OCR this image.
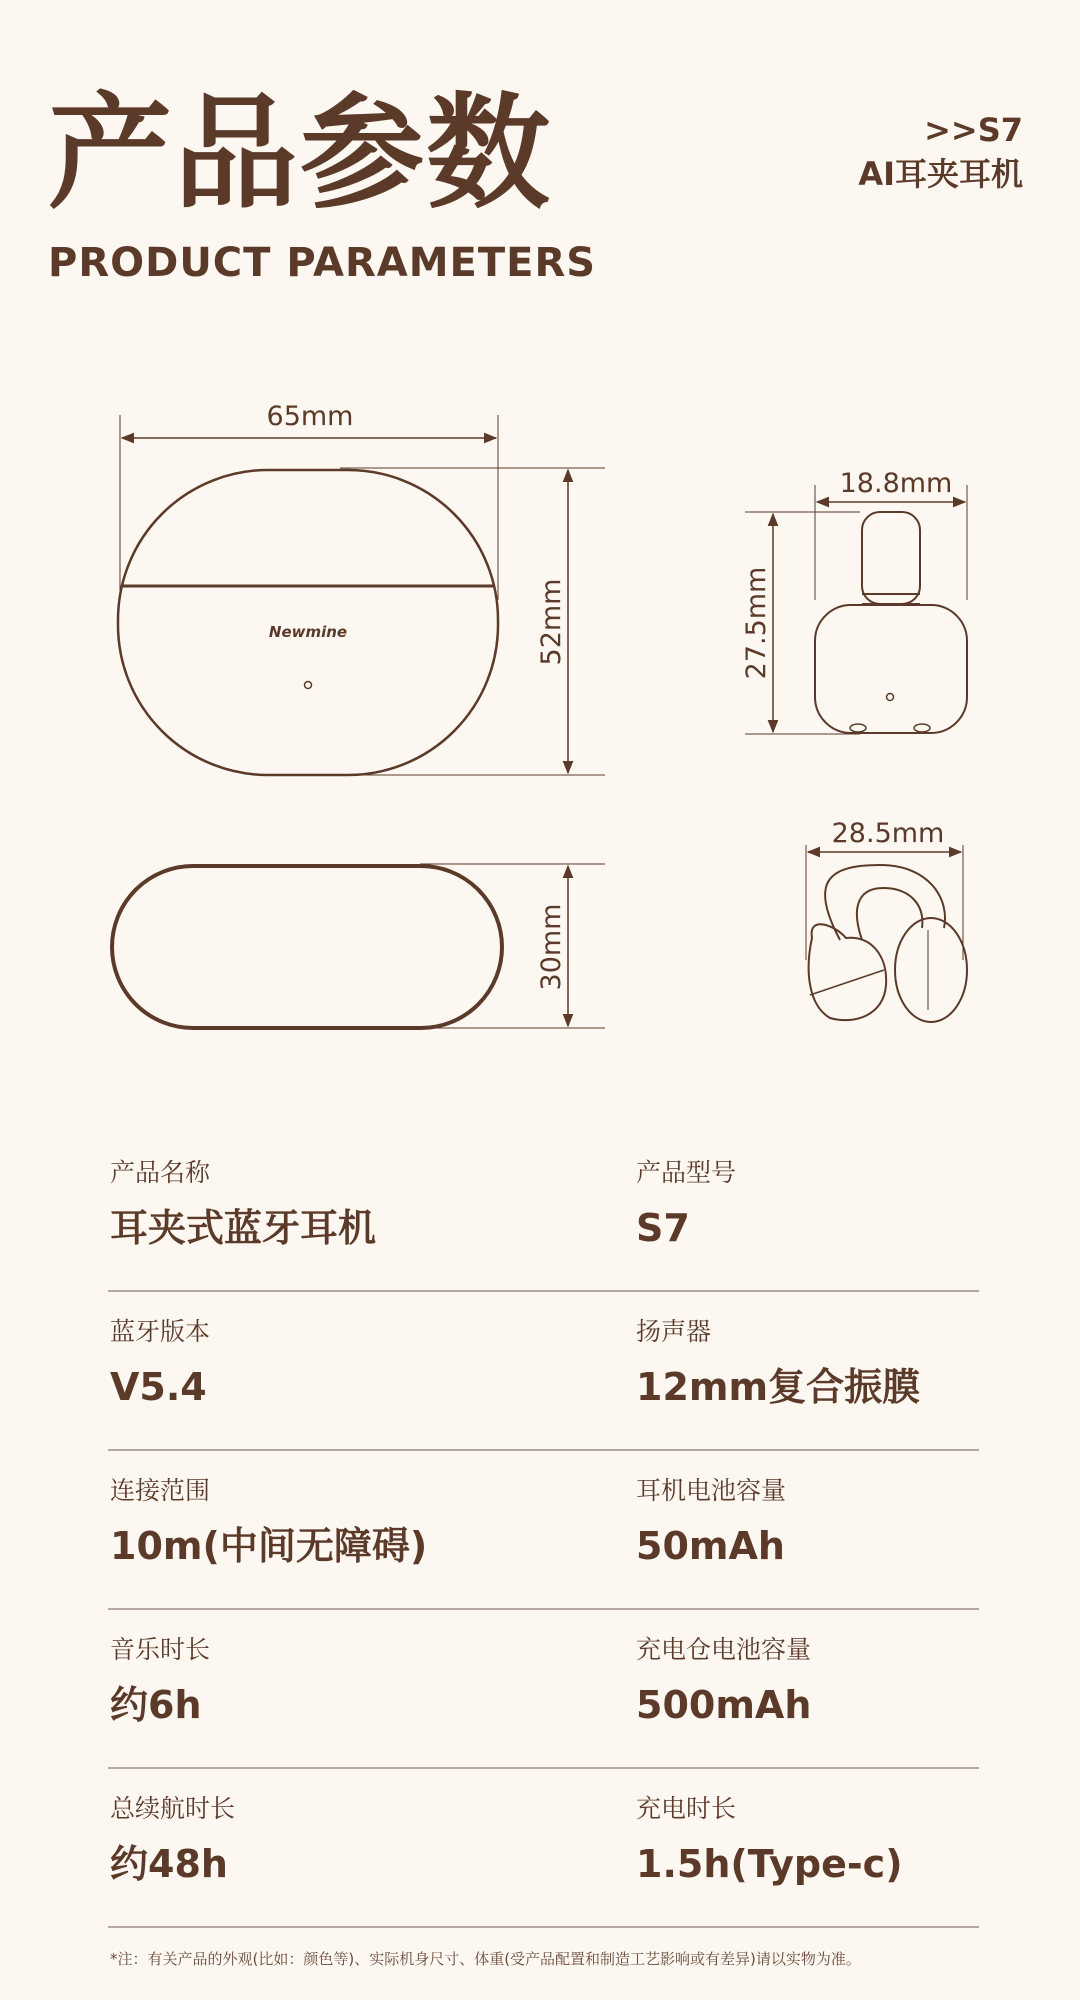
产品参数
PRODUCT PARAMETERS
>>S7
AI耳夹耳机
65mm
52mm
30mm
18.8mm
27.5mm
28.5mm
Newmine
产品名称
耳夹式蓝牙耳机
产品型号
S7
蓝牙版本
V5.4
扬声器
12mm复合振膜
连接范围
10m(中间无障碍)
耳机电池容量
50mAh
音乐时长
约6h
充电仓电池容量
500mAh
总续航时长
约48h
充电时长
1.5h(Type-c)
*注：有关产品的外观(比如：颜色等)、实际机身尺寸、体重(受产品配置和制造工艺影响或有差异)请以实物为准。
